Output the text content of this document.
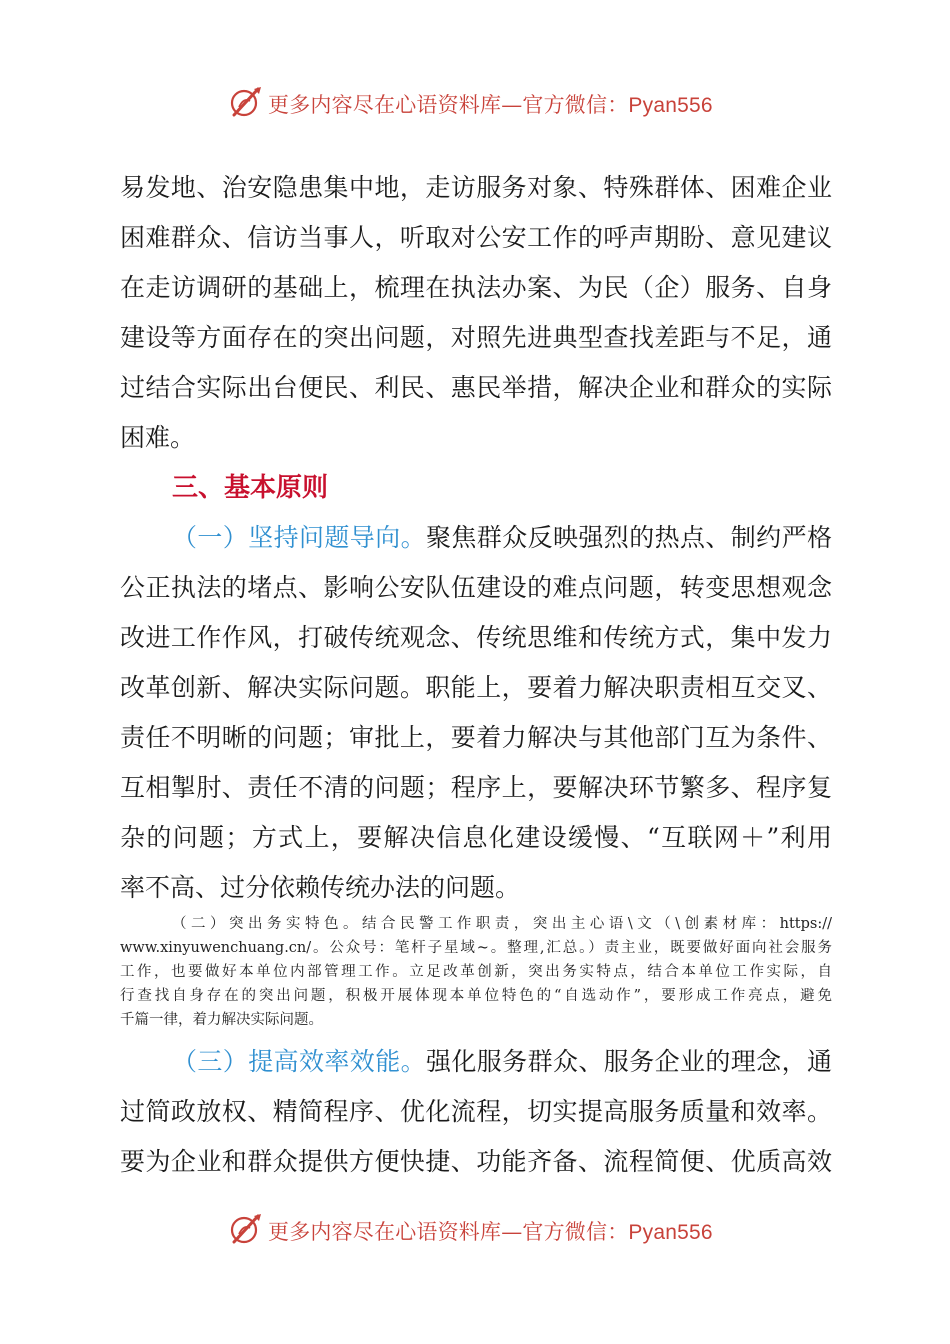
更多内容尽在心语资料库—官方微信：Pyan556
易发地、治安隐患集中地，走访服务对象、特殊群体、困难企业
困难群众、信访当事人，听取对公安工作的呼声期盼、意见建议
在走访调研的基础上，梳理在执法办案、为民（企）服务、自身
建设等方面存在的突出问题，对照先进典型查找差距与不足，通
过结合实际出台便民、利民、惠民举措，解决企业和群众的实际
困难。
三、基本原则
（一）坚持问题导向。聚焦群众反映强烈的热点、制约严格
公正执法的堵点、影响公安队伍建设的难点问题，转变思想观念
改进工作作风，打破传统观念、传统思维和传统方式，集中发力
改革创新、解决实际问题。职能上，要着力解决职责相互交叉、
责任不明晰的问题；审批上，要着力解决与其他部门互为条件、
互相掣肘、责任不清的问题；程序上，要解决环节繁多、程序复
杂的问题；方式上，要解决信息化建设缓慢、“互联网＋”利用
率不高、过分依赖传统办法的问题。
（三）提高效率效能。强化服务群众、服务企业的理念，通
过简政放权、精简程序、优化流程，切实提高服务质量和效率。
要为企业和群众提供方便快捷、功能齐备、流程简便、优质高效
（二）突出务实特色。结合民警工作职责，突出主心语\文（\创素材库：https://
www.xinyuwenchuang.cn/。公众号：笔杆子星域~。整理,汇总。）责主业，既要做好面向社会服务
工作，也要做好本单位内部管理工作。立足改革创新，突出务实特点，结合本单位工作实际，自
行查找自身存在的突出问题，积极开展体现本单位特色的“自选动作”，要形成工作亮点，避免
千篇一律，着力解决实际问题。
更多内容尽在心语资料库—官方微信：Pyan556
